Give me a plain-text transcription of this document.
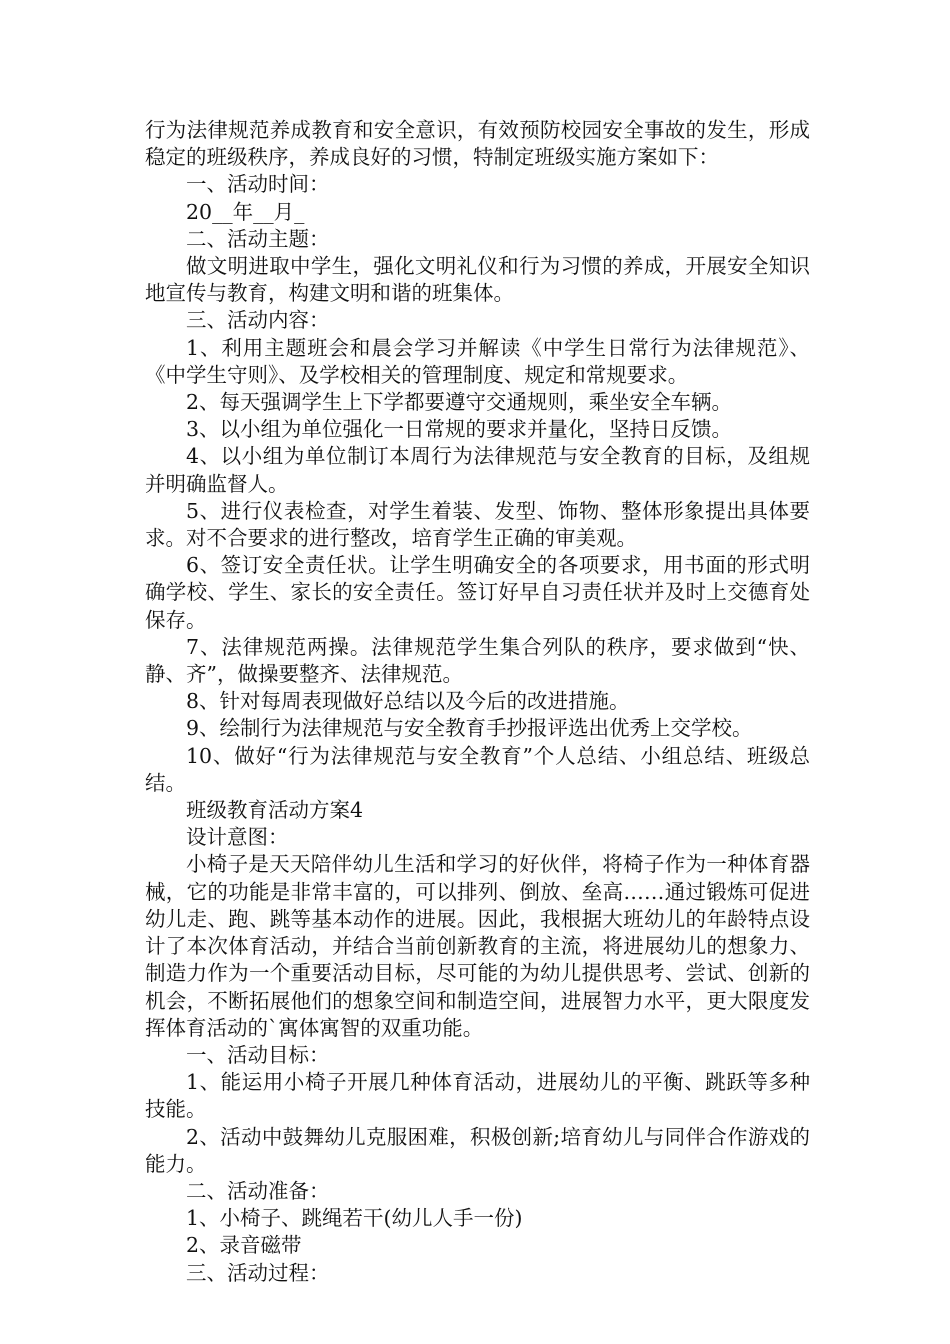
行为法律规范养成教育和安全意识，有效预防校园安全事故的发生，形成稳定的班级秩序，养成良好的习惯，特制定班级实施方案如下：

一、活动时间：

20__年__月_

二、活动主题：

做文明进取中学生，强化文明礼仪和行为习惯的养成，开展安全知识地宣传与教育，构建文明和谐的班集体。

三、活动内容：

1、利用主题班会和晨会学习并解读《中学生日常行为法律规范》、《中学生守则》、及学校相关的管理制度、规定和常规要求。

2、每天强调学生上下学都要遵守交通规则，乘坐安全车辆。

3、以小组为单位强化一日常规的要求并量化，坚持日反馈。

4、以小组为单位制订本周行为法律规范与安全教育的目标，及组规并明确监督人。

5、进行仪表检查，对学生着装、发型、饰物、整体形象提出具体要求。对不合要求的进行整改，培育学生正确的审美观。

6、签订安全责任状。让学生明确安全的各项要求，用书面的形式明确学校、学生、家长的安全责任。签订好早自习责任状并及时上交德育处保存。

7、法律规范两操。法律规范学生集合列队的秩序，要求做到“快、静、齐”，做操要整齐、法律规范。

8、针对每周表现做好总结以及今后的改进措施。

9、绘制行为法律规范与安全教育手抄报评选出优秀上交学校。

10、做好“行为法律规范与安全教育”个人总结、小组总结、班级总结。

班级教育活动方案4

设计意图：

小椅子是天天陪伴幼儿生活和学习的好伙伴，将椅子作为一种体育器械，它的功能是非常丰富的，可以排列、倒放、垒高……通过锻炼可促进幼儿走、跑、跳等基本动作的进展。因此，我根据大班幼儿的年龄特点设计了本次体育活动，并结合当前创新教育的主流，将进展幼儿的想象力、制造力作为一个重要活动目标，尽可能的为幼儿提供思考、尝试、创新的机会，不断拓展他们的想象空间和制造空间，进展智力水平，更大限度发挥体育活动的`寓体寓智的双重功能。

一、活动目标：

1、能运用小椅子开展几种体育活动，进展幼儿的平衡、跳跃等多种技能。

2、活动中鼓舞幼儿克服困难，积极创新;培育幼儿与同伴合作游戏的能力。

二、活动准备：

1、小椅子、跳绳若干(幼儿人手一份)

2、录音磁带

三、活动过程：
